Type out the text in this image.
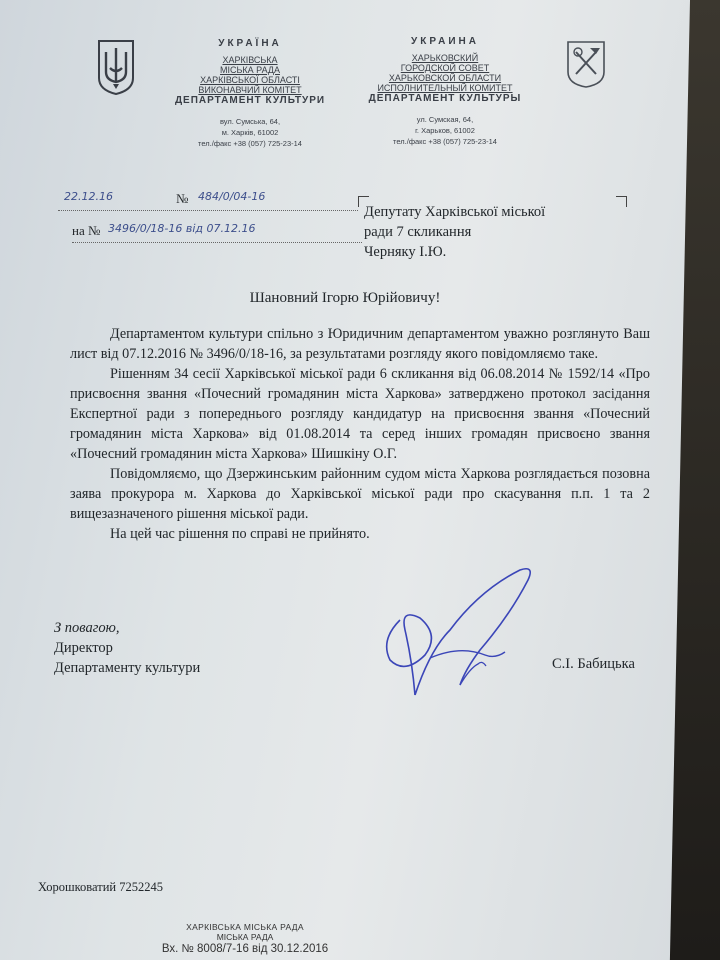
УКРАЇНА
ХАРКІВСЬКА
МІСЬКА РАДА
ХАРКІВСЬКОЇ ОБЛАСТІ
ВИКОНАВЧИЙ КОМІТЕТ
ДЕПАРТАМЕНТ КУЛЬТУРИ
вул. Сумська, 64,
м. Харків, 61002
тел./факс +38 (057) 725-23-14
УКРАИНА
ХАРЬКОВСКИЙ
ГОРОДСКОЙ СОВЕТ
ХАРЬКОВСКОЙ ОБЛАСТИ
ИСПОЛНИТЕЛЬНЫЙ КОМИТЕТ
ДЕПАРТАМЕНТ КУЛЬТУРЫ
ул. Сумская, 64,
г. Харьков, 61002
тел./факс +38 (057) 725-23-14
22.12.16	№ 484/0/04-16
на № 3496/0/18-16 від 07.12.16
Депутату Харківської міської
ради 7 скликання
Черняку І.Ю.
Шановний Ігорю Юрійовичу!

Департаментом культури спільно з Юридичним департаментом уважно розглянуто Ваш лист від 07.12.2016 № 3496/0/18-16, за результатами розгляду якого повідомляємо таке.

Рішенням 34 сесії Харківської міської ради 6 скликання від 06.08.2014 № 1592/14 «Про присвоєння звання «Почесний громадянин міста Харкова» затверджено протокол засідання Експертної ради з попереднього розгляду кандидатур на присвоєння звання «Почесний громадянин міста Харкова» від 01.08.2014 та серед інших громадян присвоєно звання «Почесний громадянин міста Харкова» Шишкіну О.Г.

Повідомляємо, що Дзержинським районним судом міста Харкова розглядається позовна заява прокурора м. Харкова до Харківської міської ради про скасування п.п. 1 та 2 вищезазначеного рішення міської ради.

На цей час рішення по справі не прийнято.

З повагою,
Директор
Департаменту культури	С.І. Бабицька
Хорошковатий 7252245
ХАРКІВСЬКА МІСЬКА РАДА
МІСЬКА РАДА
Вх. № 8008/7-16 від 30.12.2016
